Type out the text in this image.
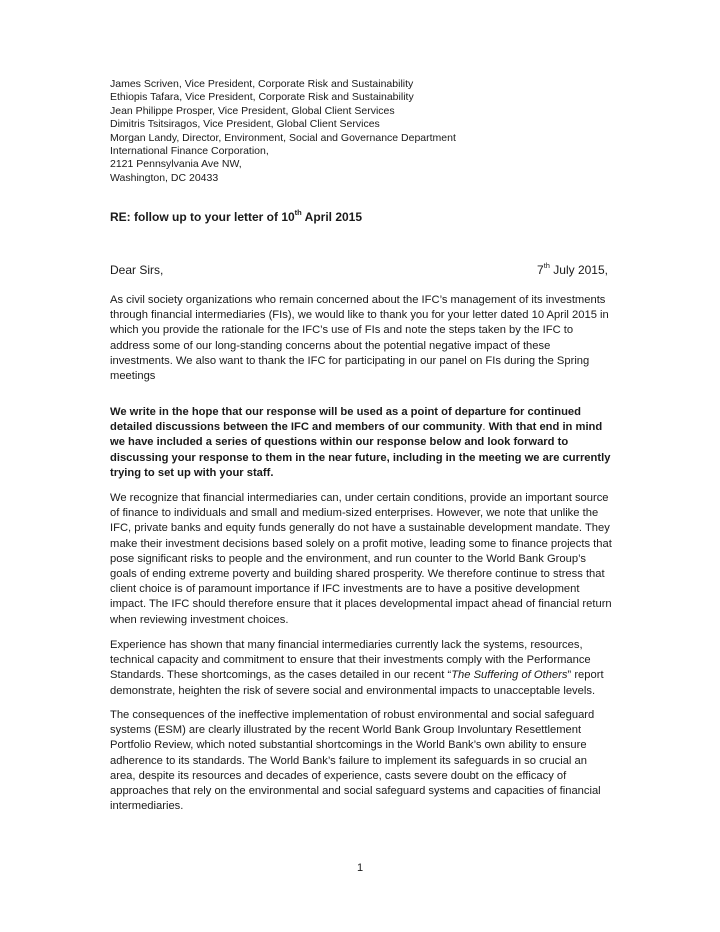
James Scriven, Vice President, Corporate Risk and Sustainability
Ethiopis Tafara, Vice President, Corporate Risk and Sustainability
Jean Philippe Prosper, Vice President, Global Client Services
Dimitris Tsitsiragos, Vice President, Global Client Services
Morgan Landy, Director, Environment, Social and Governance Department
International Finance Corporation,
2121 Pennsylvania Ave NW,
Washington, DC 20433
RE: follow up to your letter of 10th April 2015
Dear Sirs,	7th July 2015,

As civil society organizations who remain concerned about the IFC’s management of its investments through financial intermediaries (FIs), we would like to thank you for your letter dated 10 April 2015 in which you provide the rationale for the IFC’s use of FIs and note the steps taken by the IFC to address some of our long-standing concerns about the potential negative impact of these investments. We also want to thank the IFC for participating in our panel on FIs during the Spring meetings

We write in the hope that our response will be used as a point of departure for continued detailed discussions between the IFC and members of our community. With that end in mind we have included a series of questions within our response below and look forward to discussing your response to them in the near future, including in the meeting we are currently trying to set up with your staff.

We recognize that financial intermediaries can, under certain conditions, provide an important source of finance to individuals and small and medium-sized enterprises. However, we note that unlike the IFC, private banks and equity funds generally do not have a sustainable development mandate. They make their investment decisions based solely on a profit motive, leading some to finance projects that pose significant risks to people and the environment, and run counter to the World Bank Group’s goals of ending extreme poverty and building shared prosperity. We therefore continue to stress that client choice is of paramount importance if IFC investments are to have a positive development impact. The IFC should therefore ensure that it places developmental impact ahead of financial return when reviewing investment choices.

Experience has shown that many financial intermediaries currently lack the systems, resources, technical capacity and commitment to ensure that their investments comply with the Performance Standards. These shortcomings, as the cases detailed in our recent “The Suffering of Others” report demonstrate, heighten the risk of severe social and environmental impacts to unacceptable levels.

The consequences of the ineffective implementation of robust environmental and social safeguard systems (ESM) are clearly illustrated by the recent World Bank Group Involuntary Resettlement Portfolio Review, which noted substantial shortcomings in the World Bank’s own ability to ensure adherence to its standards. The World Bank’s failure to implement its safeguards in so crucial an area, despite its resources and decades of experience, casts severe doubt on the efficacy of approaches that rely on the environmental and social safeguard systems and capacities of financial intermediaries.

1
